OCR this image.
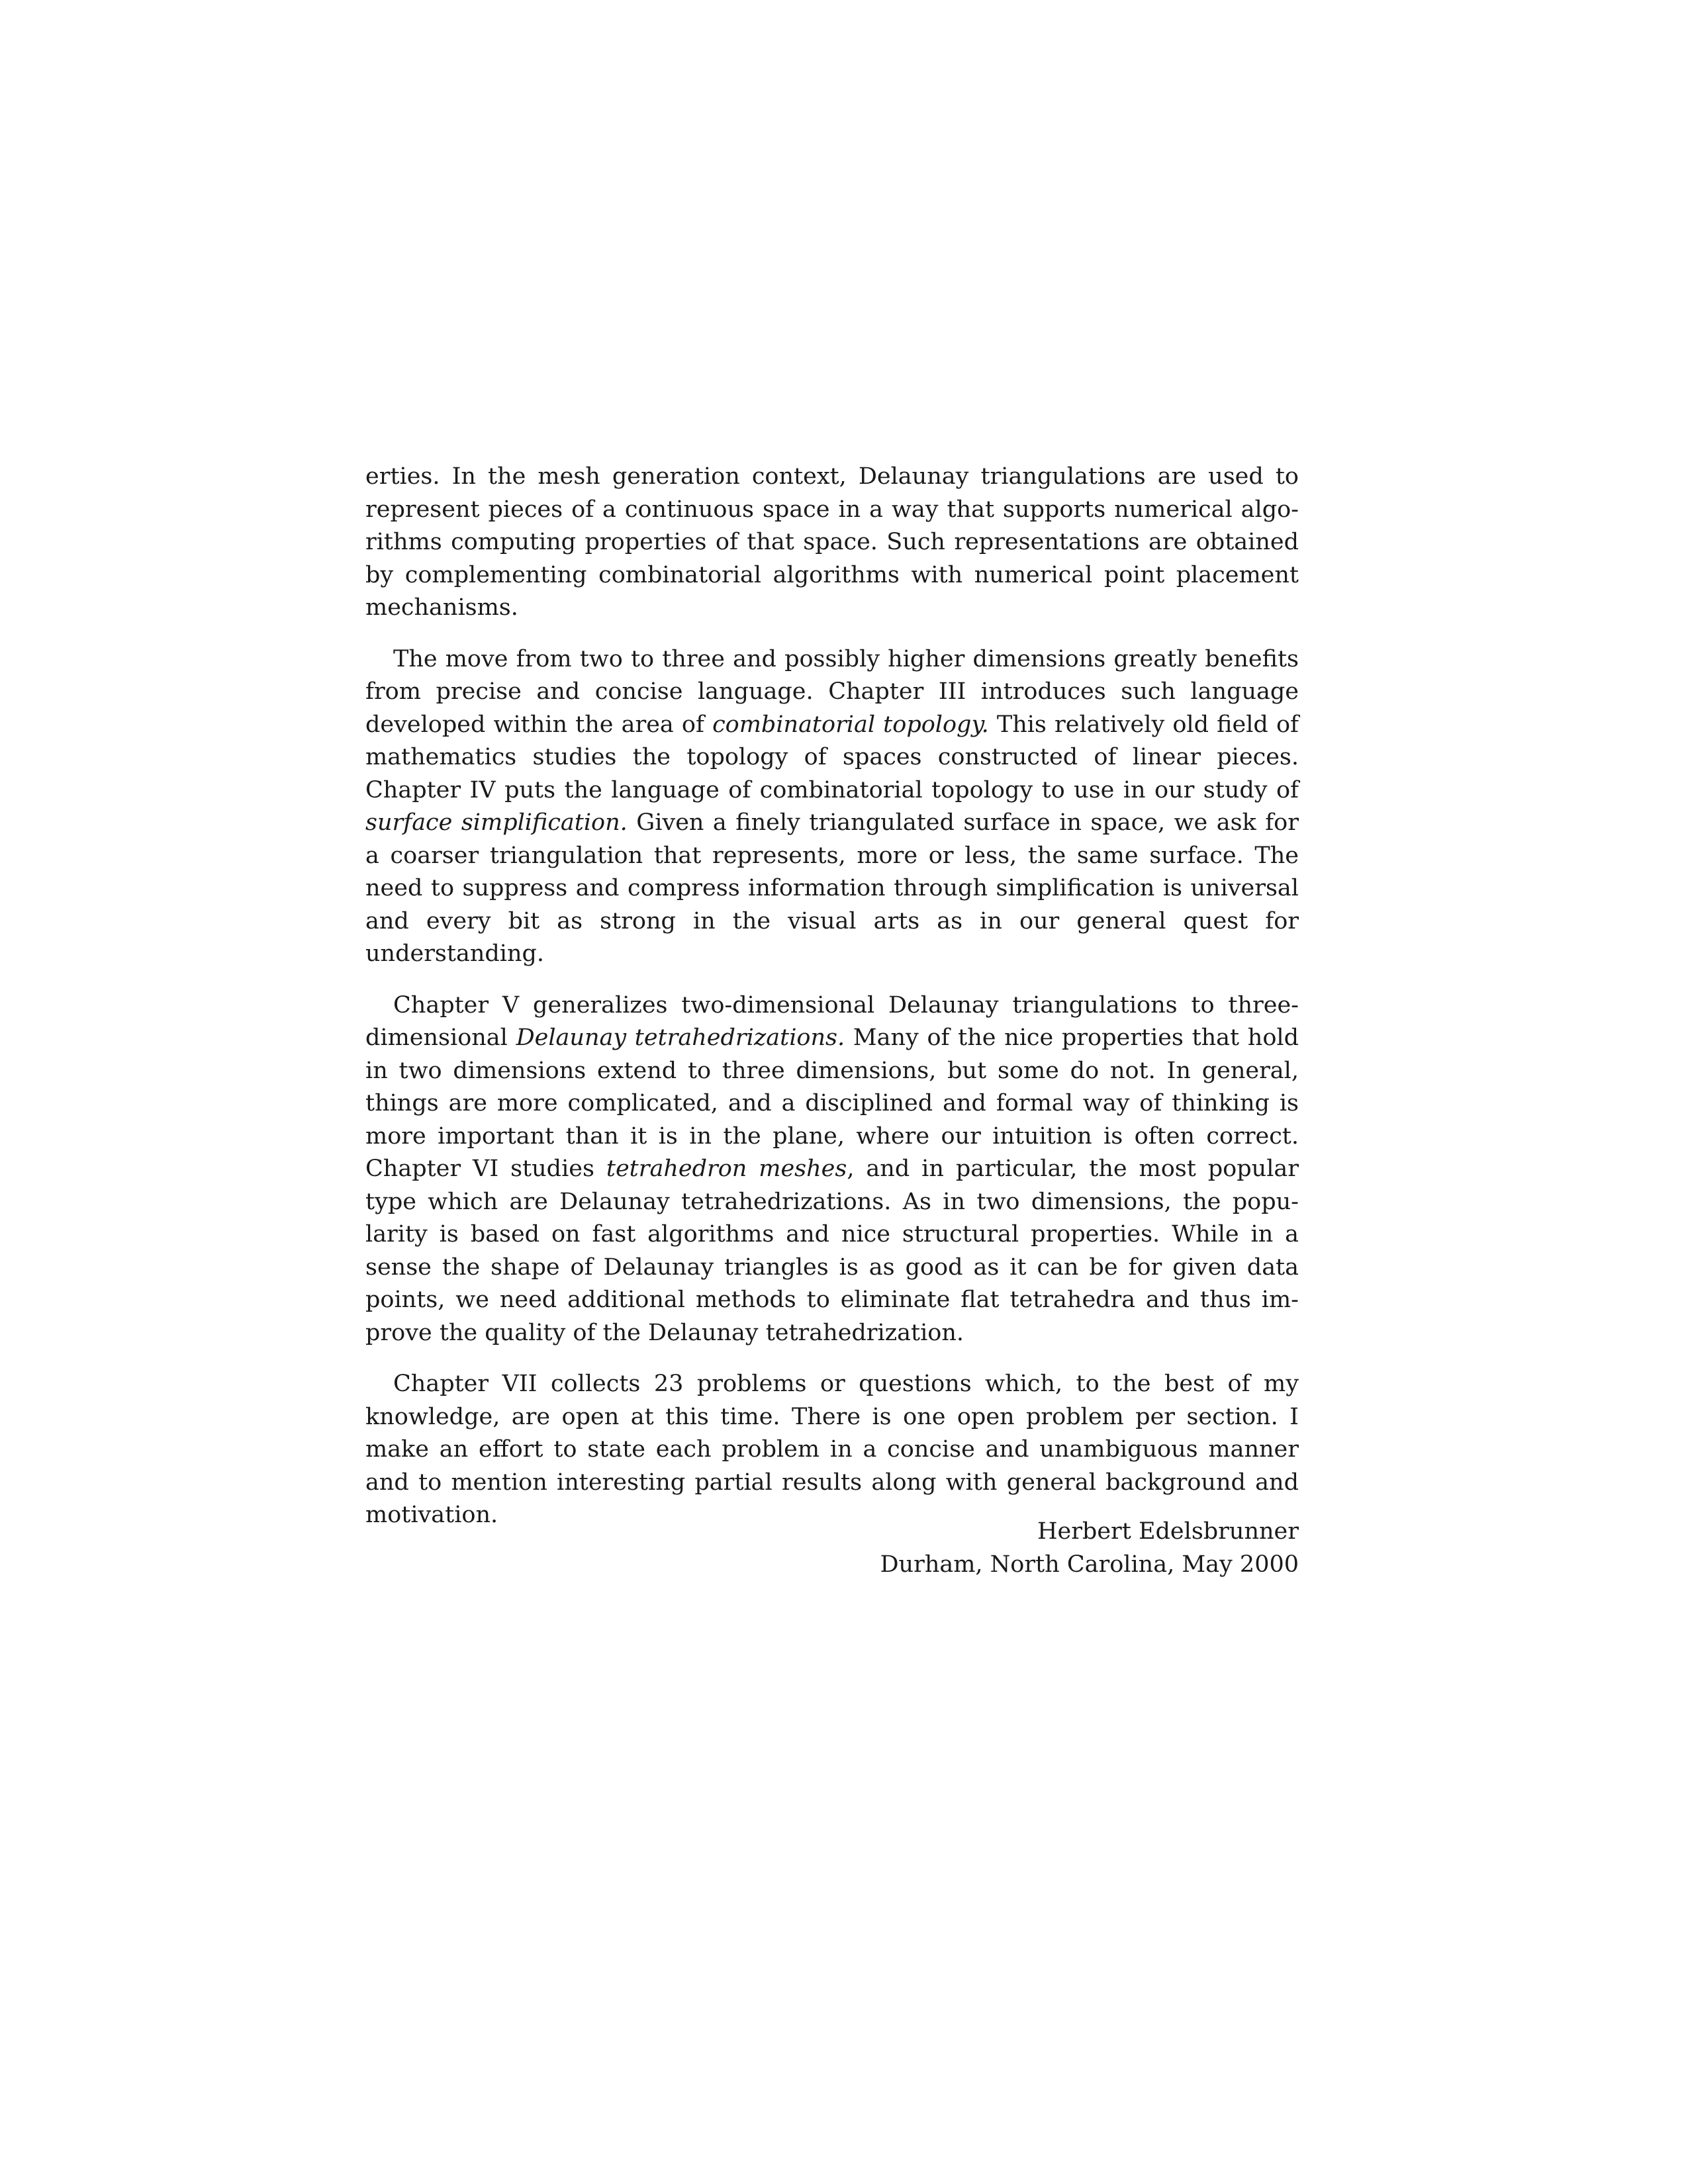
erties. In the mesh generation context, Delaunay triangulations are used to represent pieces of a continuous space in a way that supports numerical algorithms computing properties of that space. Such representations are obtained by complementing combinatorial algorithms with numerical point placement mechanisms.

The move from two to three and possibly higher dimensions greatly benefits from precise and concise language. Chapter III introduces such language developed within the area of combinatorial topology. This relatively old field of mathematics studies the topology of spaces constructed of linear pieces. Chapter IV puts the language of combinatorial topology to use in our study of surface simplification. Given a finely triangulated surface in space, we ask for a coarser triangulation that represents, more or less, the same surface. The need to suppress and compress information through simplification is universal and every bit as strong in the visual arts as in our general quest for understanding.

Chapter V generalizes two-dimensional Delaunay triangulations to three-dimensional Delaunay tetrahedrizations. Many of the nice properties that hold in two dimensions extend to three dimensions, but some do not. In general, things are more complicated, and a disciplined and formal way of thinking is more important than it is in the plane, where our intuition is often correct. Chapter VI studies tetrahedron meshes, and in particular, the most popular type which are Delaunay tetrahedrizations. As in two dimensions, the popularity is based on fast algorithms and nice structural properties. While in a sense the shape of Delaunay triangles is as good as it can be for given data points, we need additional methods to eliminate flat tetrahedra and thus improve the quality of the Delaunay tetrahedrization.

Chapter VII collects 23 problems or questions which, to the best of my knowledge, are open at this time. There is one open problem per section. I make an effort to state each problem in a concise and unambiguous manner and to mention interesting partial results along with general background and motivation.

Herbert Edelsbrunner
Durham, North Carolina, May 2000
